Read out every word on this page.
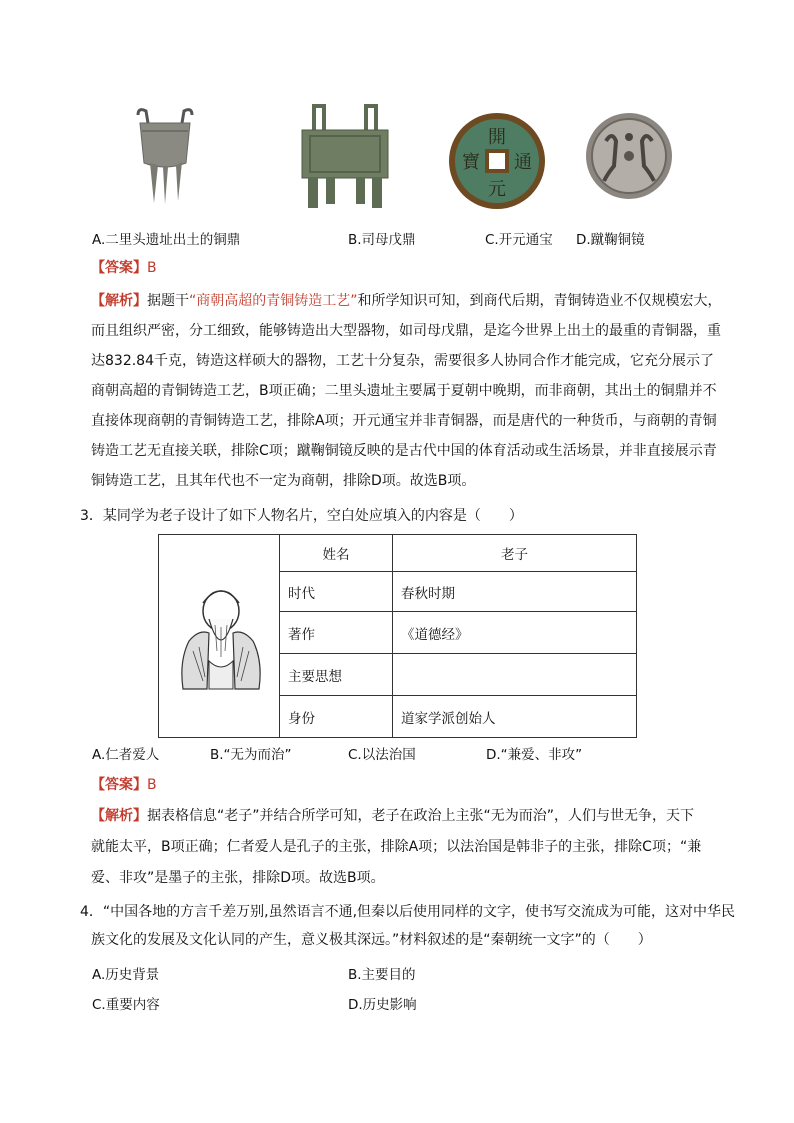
開
元
通
寶
A.二里头遗址出土的铜鼎	B.司母戊鼎	C.开元通宝 D.蹴鞠铜镜
【答案】B
【解析】据题干“商朝高超的青铜铸造工艺”和所学知识可知，到商代后期，青铜铸造业不仅规模宏大，
而且组织严密，分工细致，能够铸造出大型器物，如司母戊鼎，是迄今世界上出土的最重的青铜器，重
达832.84千克，铸造这样硕大的器物，工艺十分复杂，需要很多人协同合作才能完成，它充分展示了
商朝高超的青铜铸造工艺，B项正确；二里头遗址主要属于夏朝中晚期，而非商朝，其出土的铜鼎并不
直接体现商朝的青铜铸造工艺，排除A项；开元通宝并非青铜器，而是唐代的一种货币，与商朝的青铜
铸造工艺无直接关联，排除C项；蹴鞠铜镜反映的是古代中国的体育活动或生活场景，并非直接展示青
铜铸造工艺，且其年代也不一定为商朝，排除D项。故选B项。
3．某同学为老子设计了如下人物名片，空白处应填入的内容是（　　）
	姓名	老子
	时代	春秋时期
	著作	《道德经》
	主要思想	
	身份	道家学派创始人
A.仁者爱人	B.“无为而治”	C.以法治国	D.“兼爱、非攻”
【答案】B
【解析】据表格信息“老子”并结合所学可知，老子在政治上主张“无为而治”，人们与世无争，天下
就能太平，B项正确；仁者爱人是孔子的主张，排除A项；以法治国是韩非子的主张，排除C项；“兼
爱、非攻”是墨子的主张，排除D项。故选B项。
4．“中国各地的方言千差万别,虽然语言不通,但秦以后使用同样的文字，使书写交流成为可能，这对中华民
族文化的发展及文化认同的产生，意义极其深远。”材料叙述的是“秦朝统一文字”的（　　）
A.历史背景	B.主要目的
C.重要内容	D.历史影响
